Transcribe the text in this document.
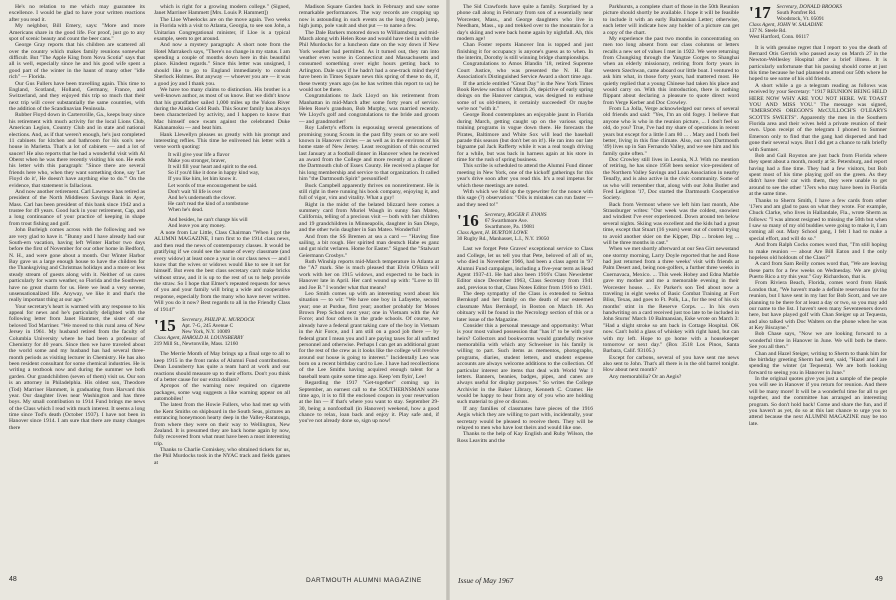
He's no relation to me which may guarantee its excellence. I would be glad to have your written reactions after you read it.

My neighbor, Bill Emery, says: "More and more Americans share in the good life. For proof, just go to any spot of scenic beauty and count the beer cans."

George Gray reports that his children are scattered all over the country which makes family reunions somewhat difficult. But "The Apple King from Nova Scotia" says that all is well, especially since he and his good wife spent a good part of the winter in the haunt of many other "idle rich" — Florida.

Our Gus Fullers have been travelling again. This time to England, Scotland, Holland, Germany, France, and Switzerland, and they enjoyed this trip so much that their next trip will cover substantially the same countries, with the addition of the Scandinavian Peninsula.

Rubber Floyd down in Cartersville, Ga., keeps busy since his retirement with much activity for the local Lions Club, American Legion, Country Club and in state and national elections. And, as if that weren't enough, he's just completed 11 cabinets for kitchen and bathroom for his son's new house in Marietta. That's a lot of cabinets — and a lot of saucer! He also reports that he had a wonderful visit with Al Oberst when he was there recently visiting his son. He ends his letter with this paragraph: "Since there are several friends here who, when they want something done, say 'Let Floyd do it', He doesn't have anything else to do.'" On the evidence, that statement is fallacious.

And now another retirement. Carl Lawrence has retired as president of the North Middlesex Savings Bank in Ayer, Mass. Carl has been president of this bank since 1942 and a trustee for 49 years. Good luck in your retirement, Cap, and a long continuance of your practice of keeping in shape from trout fishing and golf.

John Burleigh comes across with the following and we are very glad to have it. "Bunny and I have already had our South-ern vacation, having left Winter Harbor two days before the first of November for our other home in Bedford, N. H., and were gone about a month. Our Winter Harbor Bay gave us a large enough house to have the children for the Thanksgiving and Christmas holidays and a more or less steady stream of guests along with it. Neither of us cares particularly for warm weather, so Florida and the Southwest have no great charm for us. Here we lead a very serene, unsensationalized life. Anyway, we like it and that's the really important thing at our age."

Your secretary's heart is warmed with any response to his appeal for news and he's particularly delighted with the following letter from Janet Hammer, the sister of our beloved Tod Marriner. "We moved to this rural area of New Jersey in 1961. My husband retired from the faculty of Columbia University where he had been a professor of Chemistry for 40 years. Since then we have traveled about the world some and my husband has had several three-month periods as visiting lecturer in Chemistry. He has also been resident consultant for some chemical industries. He is writing a textbook now and during the summer we both garden. Our grandchildren (seven of them) visit us. Our son is an attorney in Philadelphia. His oldest son, Theodore (Tod) Marriner Hammett, is graduating from Harvard this year. Our daughter lives near Washington and has three boys. My small contribution to 1914 Fund brings me news of the Class which I read with much interest. It seems a long time since Tod's death (October 1937). I have not been in Hanover since 1914. I am sure that there are many changes there

which is right for a growing modern college." (Signed, Janet Marriner Hammett [Mrs. Louis P. Hammett])

The Lloe Wheelocks are on the move again. Two weeks in Florida with a visit to Atlanta, Georgia, to see son John, a Unitarian Congregational minister, if Lloe is a typical example, seem to get around.

And now a mystery paragraph: A short note from the Hotel Marrakech says, "There's no change in my status. I am spending a couple of months down here in this beautiful place. Kindest regards." Since this letter was unsigned, I should like to go to England immediately to consult Sherlock Holmes. But anyway — whoever you are — it was a good joy and I thank you.

We have too many claims to distinction. His brother is a well-known author, as most of us know. But we didn't know that his grandfather sailed 1,000 miles up the Yukon River during the Alaska Gold Rush. This Sourer family has always been characterized by activity, and I happen to know that Mac himself once swam against the celebrated Duke Kahanamoku — and beat him.

Hank Llewellyn pleases us greatly with his prompt and interesting reflies. This time he enlivened his letter with a verse worth quoting:

It will give your life a flavor
Make you stronger, braver,
It will fill your heart and spirit to the end.
So if you'd like it done in happy kind way,
If you like him, let him know it.
Let words of true encouragement be said.
Don't wait 'til life is over
And he's underneath the clover.
He can't read the kind of a tombstone
When he's dead.
And besides, he can't change his will
And leave you any money.

A note from Lar Little, Class Chairman "When I got the ALUMNI MAGAZINE, I turn first to the 1914 class news, and then read the news of contemporary classes. It would be gratifying if we could see the name of every classmate (and every widow) at least once a year in our class news — and I know that the wives or widows would like to see it set for himself. But even the best class secretary can't make bricks without straw, and it is up to the rest of us to help provide the straw. So I hope that Elmer's repeated requests for news of you and your family will bring a wide and cooperative response, especially from the many who have never written. Will you do it now? Best regards to all in the Friendly Class of 1914!"

'15	Secretary, PHILIP K. MURDOCK
Apt. 7-G, 245 Avenue C
New York, N.Y. 10009
Class Agent, HAROLD H. LOUNSBERRY
219 Mill St., Newtonville, Mass. 12160

The Merrie Month of May brings up a final urge to all to keep 1915 in the front ranks of Alumni Fund contributions. Dean Lounsberry has quite a team hard at work and our reactions should measure up to their efforts. Don't you think of a better cause for our extra dollars?

Apropos of the warning now required on cigarette packages, some wag suggests a like warning appear on all automobiles!

The latest from the Howie Fullers, who had met up with the Kent Smiths on shipboard in the South Seas, pictures an entrancing honeymoon hearty deep in the Valley-Raratonga, from where they were on their way to Wellington, New Zealand. It is presumed they are back home again by now, fully recovered from what must have been a most interesting trip.

Thanks to Charlie Comiskey, who obtained tickets for us, the Phil Murdocks took in the NYAC track and fields games at

Madison Square Garden back in February and saw some remarkable performances. The way records are cropping up now is astounding in such events as the long (broad) jump, high jump, pole vault and shot put — to name a few.

The Dale Barkers motored down to Williamsburg and mid-March along with Helen Rose and would have tied in with the Phil Murdocks for a luncheon date on the way down if New York weather had permitted. As it turned out, they ran into weather even worse in Connecticut and Massachusetts and consumed something over eight hours getting back to Arlington. Dale says if he hadn't had a one-track mind they'd have been in Times Square news this spring of these to do, if, these twenty years ago (as he has written this report to us) he would not be there.

Congratulations to Jack Lloyd on his retirement from Manhattan in mid-March after some forty years of service. Helen Rose's grandson, Bob Murphy, was married recently. We Lloyd's golf and congratulations to the bride and groom — and grandmother!

Roy Laferty's efforts in espousing several generations of promising young Scouts in the past fifty years or so are well known in Hanover circles — as well as in the environs of his home state of New Jersey. Least recognition of this occurred last January at a football dinner in Hanover when he received an award from the College and more recently at a dinner of the Dartmouth club of Essex County. He received a plaque for his long membership and service to that organization. It called him "the Dartmouth Spirit" personified!

Buck Campbell apparently thrives on nonretirement. He is still right in there running his book company, enjoying it, and full of vigor, vim and vitality. What a guy!

Right in the midst of the belated blizzard here comes a summery card from Muriel Waugh in sunny San Mateo, California, telling of a precious visit — both with her children and 19 grandchildren in Minneapolis, daughter in San Diego, and the other twin daughter in San Mateo. Wonderful!

And from the SS Bremen at sea a card — "Having fine sailing, a bit rough. Her spirited man deutsch Habe es ganz und gut nicht verlaren. Home for Easter." Signed the "Stalwart Geiermann Crosbys."

Ruth Winship reports mid-March temperature in Atlanta at the "A7 mark. She is much pleased that Elvin O'Hara will work with her on 1915 widows, and expected to be back in Hanover late in April. Her card wound up with: "Love to Ill and Joe B." I wonder what that means?

Leo Smith comes up with an interesting word about his situation — to wit: "We have one boy in Lafayette, second year; one at Purdue, first year; another probably for Moses Brown Prep School next year; one in Vietnam with the Air Force; and four others in the grade schools. Of course, we already have a federal grant taking care of the boy in Vietnam in the Air Force, and I am still on a good job there — by federal grant I mean you and I are paying taxes for all unfitted personnel and otherwise. Perhaps I can get an additional grant for the rest of the crew as it looks like the college will revolve around our house is going to interest." Incidentally Leo was born on a recent birthday card to Lee. I have had recollections of the Lee Smiths having acquired enough talent for a baseball team quite some time ago. Keep 'em flyin', Lee!

Regarding the 1917 "Get-together" coming up in September, an earnest call to the SOUTHERNSMAN some time ago, it is to fill the enclosed coupon in your reservation at the Inn — if that's where you want to stay. September 29-30, being a nonfootball (in Hanover) weekend, how a good chance to relax, loan back and enjoy it. Play safe and, if you've not already done so, sign up now!

The Sid Crawfords have quite a family. Surprised by a phone call along in February from son of a essentially near Worcester, Mass., and George daughters who live in Needham, Mass., up and trekked over to the mountain for a day's skiing and were back home again by nightfall. Ah, this modern age!

Chan Foster reports Hanover Inn is topped and just finishing it for occupancy is anyone's guess as to when. In the interim, Dorothy is still winning bridge championships.

Congratulations to Amos Blandin '18, retired Supreme Court Justice, who was presented the N. H. Bar Association's Distinguished Service Award a short time ago.

If the article entitled "Great Day" in the New York Times Book Review section of March 26, depictive of early spring doings on the Hanover campus, was designed to enthuse some of us old-timers, it certainly succeeded! Or maybe we're not "with it."

George Bond contemplates an enjoyable jaunt in Florida during March, getting caught up on the various spring training programs in vogue down there. He forecasts the Pirates, Baltimore and White Sox will lead the baseball parade this season (but don't bet on it!). He ran into our late bigname pal Jack Rafferty while it was a real tough driving for a while, but was back in harness again at his store in time for the rush of spring business.

This scribe is scheduled to attend the Alumni Fund dinner meeting in New York, one of the kickoff gatherings for this year's drive soon after you read this. It's a real impetus for which these meetings are noted.

With which we fold up the typewriter for the nonce with this sage (?) observation: "Oils is mistakes can run faster — and they need to!"

'16	Secretary, ROGER F. EVANS
67 Swarthmore Ave.
Swarthmore, Pa. 19081
Class Agent, H. BURTON LOWE
30 Rugby Rd., Manhasset, L.I., N.Y. 19050

Last we forget Pete Graves' exceptional service to Class and College, let us tell you that Pete, beloved of all of us, who died in November 1966, had been a class agent in '97 Alumni Fund campaigns, including a five-year term as Head Agent 1937-41. He had also been 1916's Class Newsletter Editor since December 1963, Class Secretary from 1941 and, previous to that, Class Notes Editor from 1916 to 1941.

The deep sympathy of the Class is extended to Selma Bernkopf and her family on the death of our esteemed classmate Max Bernkopf, in Boston on March 18. An obituary will be found in the Necrology section of this or a later issue of the Magazine.

Consider this a personal message and opportunity: What is your most valued possession that "has it" to be with your heirs? Collectors and bookworms would gratefully receive memorabilia with which any Schweiser in his family is willing to part. Such items as mementos, photographs, programs, diaries, student letters, and student expense accounts are always welcome additions to the collection. Of particular interest are items that deal with World War I letters. Banners, beanies, badges, pipes, and canes are always useful for display purposes." So writes the College Archivist in the Baker Library, Kenneth C. Cramer. He would be happy to hear from any of you who are holding such material to give or discuss.

If any families of classmates have pieces of the 1916 Aegis which they are willing to part with, incidentally, your secretary would be pleased to receive them. They will be relayed to men who have lost theirs and would like one.

Thanks to the help of Kay English and Ruby Wilson, the Ross Leavitts and the

Parkhursts, a complete chart of those in the 50th Reunion picture should shortly be available. I hope it will be feasible to include it with an early Balmansian Letter; otherwise, each letter will indicate how any holder of a picture can get a copy of the chart.

My experience the past two months in concentrating on men too long absent from our class columns or letters recalls a new set of values I met in 1922. We were returning from Chungking through the Yangtze Gorges to Shanghai when an elderly missionary, retiring from forty years in western Szechwan, came aboard our little boat. I ventured to ask him what, in those forty years, had mattered most. He quietly replied that a young Chinese had taken his place and would carry on. With this introduction, there is nothing flippant about declaring a pleasure to quote direct word from Verge Kerber and Doc Crowley.

From La Jolla, Verge acknowledged our news of several old friends and said: "Yes, I'm an old fogey. I believe that anyone who is who in the reunion picture, ... I don't feel so old, do you? True, I've had my share of operations in recent years but except for a little I am 80 ... . Mary and I both feel better, living in this fine climate. Also, our son (Dartmouth '49) lives up in San Fernando Valley, and we see him and his family quite often."

Doc Crowley still lives in Leonia, N.J. With no mention of retiring, he has since 1958 been senior vice-president of the Northern Valley Savings and Loan Association in nearby Tenafly, and is also active in the civic community. Some of us who will remember that, along with our John Butler and Fred Leighton '17, Doc started the Dartmouth Cooperative Society.

Back from Vermont where we left him last month, Abe Strassburger writes: "Our week was the coldest, snowiest and windiest I've ever experienced. Down around ten below several nights. Skiing was excellent and the kids had a great time, except that Stuart (16 years) went out of control trying to avoid another skier on the Kipper, Dip ... broken leg ... will be three months in cast."

When we met shortly afterward at our Sea Girt newsstand one stormy morning, Larry Doyle reported that he and Rose had just returned from a three weeks' visit with friends at Palm Desert and, being non-golfers, a further three weeks in Cuernavaca, Mexico. ... This week Hobey and Edna Marble gave my mother and me a memorable evening in their Worcester house. ... Ev Parker's son Ted about now a traveling in eight weeks of Basic Combat Training at Fort Bliss, Texas, and goes to Ft. Polk, La., for the rest of his six months' stint in the Reserve Corps. ... In his own handwriting on a card received just too late to be included in John Sturns' March 10 Balmansian, Eske wrote on March 3: "Had a slight stroke so am back in Cottage Hospital. OK now. Can't hold a glass of whiskey with right hand, but can with my left. Hope to go home with a housekeeper tomorrow or next day." (Box 3518 Los Pinos, Santa Barbara, Calif. 93105.)

Except for carbons, several of you have sent me news also sent to John. That's all there is in the old barrel tonight. How about next month?

Any memorabilia? Or an Aegis?

'17	Secretary, DONALD BROOKS
South Pomfret Rd.
Woodstock, Vt. 05091
Class Agent, JOHN W. SALADINE
137 N. Steele Rd.
West Hartford, Conn. 06117

It is with genuine regret that I report to you the death of Bernard Otis Gerrish who passed away on March 27 in the Newton-Wellesley Hospital after a brief illness. It is particularly unfortunate that his passing should come at just this time because he had planned to attend our 50th where he hoped to see some of his old friends.

A short while a go a telegram reading as follows was received by your Secretary: "1917 REUNION BEING HELD HERE NOW WHY ARE YOU NOT HERE. WE TOAST YOU AND MISS YOU." The message was signed, "EMERSONS OREGON'S McCULLOCH'S O'LEARYS SCOTTS SWEETS". Apparently the men in the Southern Florida area and their wives held a private reunion of their own. Upon receipt of the telegram I phoned to Sumner Emerson only to find that the gang had dispersed and had gone their several ways. But I did get a chance to talk briefly with Sumner.

Bob and Gail Royston are just back from Florida where they spent about a month, mostly at St. Petersburg, and report having had a fine time. They had a few visitors, but Bob spent most of his time playing golf on the green. As they didn't have their car with them, they were unable to get around to see the other '17ers who may have been in Florida at the same time.

Thanks to Sherm Smith, I have a few cards from other '17ers and am glad to pass on what they wrote. For example, Chuck Clarke, who lives in Hallandale, Fla., wrote Sherm as follows: "I was almost resigned to missing the 50th but when I saw so many of my old buddies were going to make it, I am coming all out. Mary School gang, I felt I had to make a special effort, and will do so."

And from Ralph Cocks comes word that, "I'm still hoping to make reunion — about Are Bill Eaton and I the only hopeless old holdouts of the Class?"

A card from Sam Reilly comes word that, "We are leaving these parts for a few weeks on Wednesday. We are giving Puerto Rico a try this year." Guy Richardson, that is.

From Riviera Beach, Florida, comes word from Hank London that, "We haven't made a definite reservation for the reunion, but I have sent in my last for Bob Scott, and we are planning to be there for at least a day or two, so you may add our name to the list. I haven't seen many Seventeeners down here, but have played golf with Chan Steiger up at Tequesta, and also talked with Doc Walters on the phone when he was at Key Biscayne."

Bob Chase says, "Now we are looking forward to a wonderful time in Hanover in June. We will both be there. See you all then."

Chan and Hazel Steiger, writing to Sherm to thank him for the birthday greeting Sherm had sent, said, "Hazel and I are spending the winter (at Tequesta). We are both looking forward to seeing you in Hanover in June."

In the original quotes give you just a sample of the people you will see in Hanover if you return for reunion. And there will be many more! It will be a wonderful time for all to get together, and the committee has arranged an interesting program. So don't hold back! Come and share the fun, and if you haven't as yet, do so at this last chance to urge you to attend because the next ALUMNI MAGAZINE may be too late.

48	DARTMOUTH ALUMNI MAGAZINE	Issue of May 1967	49
